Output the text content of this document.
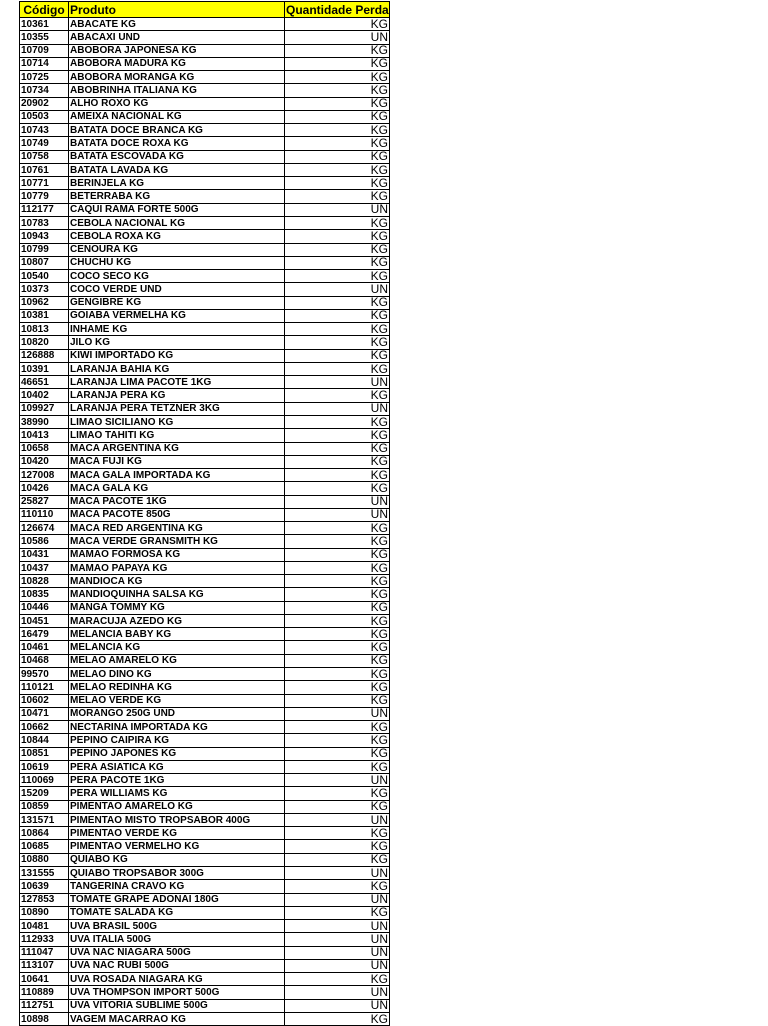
Código	Produto	Quantidade Perda
10361	ABACATE KG	KG
10355	ABACAXI UND	UN
10709	ABOBORA JAPONESA KG	KG
10714	ABOBORA MADURA KG	KG
10725	ABOBORA MORANGA KG	KG
10734	ABOBRINHA ITALIANA KG	KG
20902	ALHO ROXO KG	KG
10503	AMEIXA NACIONAL KG	KG
10743	BATATA DOCE BRANCA KG	KG
10749	BATATA DOCE ROXA KG	KG
10758	BATATA ESCOVADA KG	KG
10761	BATATA LAVADA KG	KG
10771	BERINJELA KG	KG
10779	BETERRABA KG	KG
112177	CAQUI RAMA FORTE 500G	UN
10783	CEBOLA NACIONAL KG	KG
10943	CEBOLA ROXA KG	KG
10799	CENOURA KG	KG
10807	CHUCHU KG	KG
10540	COCO SECO KG	KG
10373	COCO VERDE UND	UN
10962	GENGIBRE KG	KG
10381	GOIABA VERMELHA KG	KG
10813	INHAME KG	KG
10820	JILO KG	KG
126888	KIWI IMPORTADO KG	KG
10391	LARANJA BAHIA KG	KG
46651	LARANJA LIMA PACOTE 1KG	UN
10402	LARANJA PERA KG	KG
109927	LARANJA PERA TETZNER 3KG	UN
38990	LIMAO SICILIANO KG	KG
10413	LIMAO TAHITI KG	KG
10658	MACA ARGENTINA KG	KG
10420	MACA FUJI KG	KG
127008	MACA GALA IMPORTADA KG	KG
10426	MACA GALA KG	KG
25827	MACA PACOTE 1KG	UN
110110	MACA PACOTE 850G	UN
126674	MACA RED ARGENTINA KG	KG
10586	MACA VERDE GRANSMITH KG	KG
10431	MAMAO FORMOSA KG	KG
10437	MAMAO PAPAYA KG	KG
10828	MANDIOCA KG	KG
10835	MANDIOQUINHA SALSA KG	KG
10446	MANGA TOMMY KG	KG
10451	MARACUJA AZEDO KG	KG
16479	MELANCIA BABY KG	KG
10461	MELANCIA KG	KG
10468	MELAO AMARELO KG	KG
99570	MELAO DINO KG	KG
110121	MELAO REDINHA KG	KG
10602	MELAO VERDE KG	KG
10471	MORANGO 250G UND	UN
10662	NECTARINA IMPORTADA KG	KG
10844	PEPINO CAIPIRA KG	KG
10851	PEPINO JAPONES KG	KG
10619	PERA ASIATICA KG	KG
110069	PERA PACOTE 1KG	UN
15209	PERA WILLIAMS KG	KG
10859	PIMENTAO AMARELO KG	KG
131571	PIMENTAO MISTO TROPSABOR 400G	UN
10864	PIMENTAO VERDE KG	KG
10685	PIMENTAO VERMELHO KG	KG
10880	QUIABO KG	KG
131555	QUIABO TROPSABOR 300G	UN
10639	TANGERINA CRAVO KG	KG
127853	TOMATE GRAPE ADONAI 180G	UN
10890	TOMATE SALADA KG	KG
10481	UVA BRASIL 500G	UN
112933	UVA ITALIA 500G	UN
111047	UVA NAC NIAGARA 500G	UN
113107	UVA NAC RUBI 500G	UN
10641	UVA ROSADA NIAGARA KG	KG
110889	UVA THOMPSON IMPORT 500G	UN
112751	UVA VITORIA SUBLIME 500G	UN
10898	VAGEM MACARRAO KG	KG
